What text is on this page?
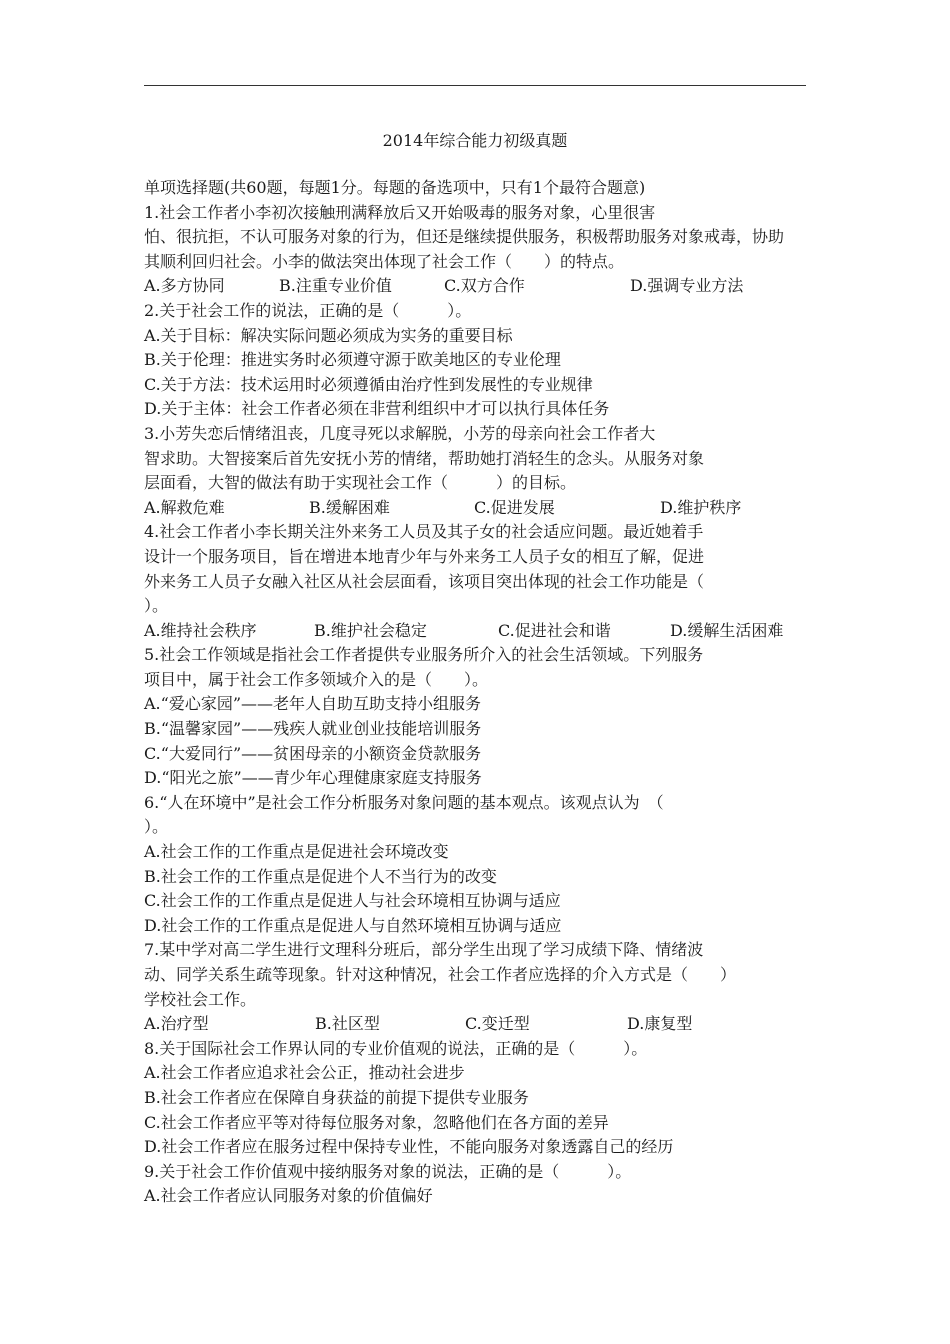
2014年综合能力初级真题
单项选择题(共60题，每题1分。每题的备选项中，只有1个最符合题意)
1.社会工作者小李初次接触刑满释放后又开始吸毒的服务对象，心里很害
怕、很抗拒，不认可服务对象的行为，但还是继续提供服务，积极帮助服务对象戒毒，协助
其顺利回归社会。小李的做法突出体现了社会工作（　　）的特点。
A.多方协同	B.注重专业价值	C.双方合作	D.强调专业方法
2.关于社会工作的说法，正确的是（　　　）。
A.关于目标：解决实际问题必须成为实务的重要目标
B.关于伦理：推进实务时必须遵守源于欧美地区的专业伦理
C.关于方法：技术运用时必须遵循由治疗性到发展性的专业规律
D.关于主体：社会工作者必须在非营利组织中才可以执行具体任务
3.小芳失恋后情绪沮丧，几度寻死以求解脱，小芳的母亲向社会工作者大
智求助。大智接案后首先安抚小芳的情绪，帮助她打消轻生的念头。从服务对象
层面看，大智的做法有助于实现社会工作（　　　）的目标。
A.解救危难	B.缓解困难	C.促进发展	D.维护秩序
4.社会工作者小李长期关注外来务工人员及其子女的社会适应问题。最近她着手
设计一个服务项目，旨在增进本地青少年与外来务工人员子女的相互了解，促进
外来务工人员子女融入社区从社会层面看，该项目突出体现的社会工作功能是（
）。
A.维持社会秩序	B.维护社会稳定	C.促进社会和谐	D.缓解生活困难
5.社会工作领域是指社会工作者提供专业服务所介入的社会生活领域。下列服务
项目中，属于社会工作多领域介入的是（　　）。
A.“爱心家园”——老年人自助互助支持小组服务
B.“温馨家园”——残疾人就业创业技能培训服务
C.“大爱同行”——贫困母亲的小额资金贷款服务
D.“阳光之旅”——青少年心理健康家庭支持服务
6.“人在环境中”是社会工作分析服务对象问题的基本观点。该观点认为　（
）。
A.社会工作的工作重点是促进社会环境改变
B.社会工作的工作重点是促进个人不当行为的改变
C.社会工作的工作重点是促进人与社会环境相互协调与适应
D.社会工作的工作重点是促进人与自然环境相互协调与适应
7.某中学对高二学生进行文理科分班后，部分学生出现了学习成绩下降、情绪波
动、同学关系生疏等现象。针对这种情况，社会工作者应选择的介入方式是（　　）
学校社会工作。
A.治疗型	B.社区型	C.变迁型	D.康复型
8.关于国际社会工作界认同的专业价值观的说法，正确的是（　　　）。
A.社会工作者应追求社会公正，推动社会进步
B.社会工作者应在保障自身获益的前提下提供专业服务
C.社会工作者应平等对待每位服务对象，忽略他们在各方面的差异
D.社会工作者应在服务过程中保持专业性，不能向服务对象透露自己的经历
9.关于社会工作价值观中接纳服务对象的说法，正确的是（　　　）。
A.社会工作者应认同服务对象的价值偏好
